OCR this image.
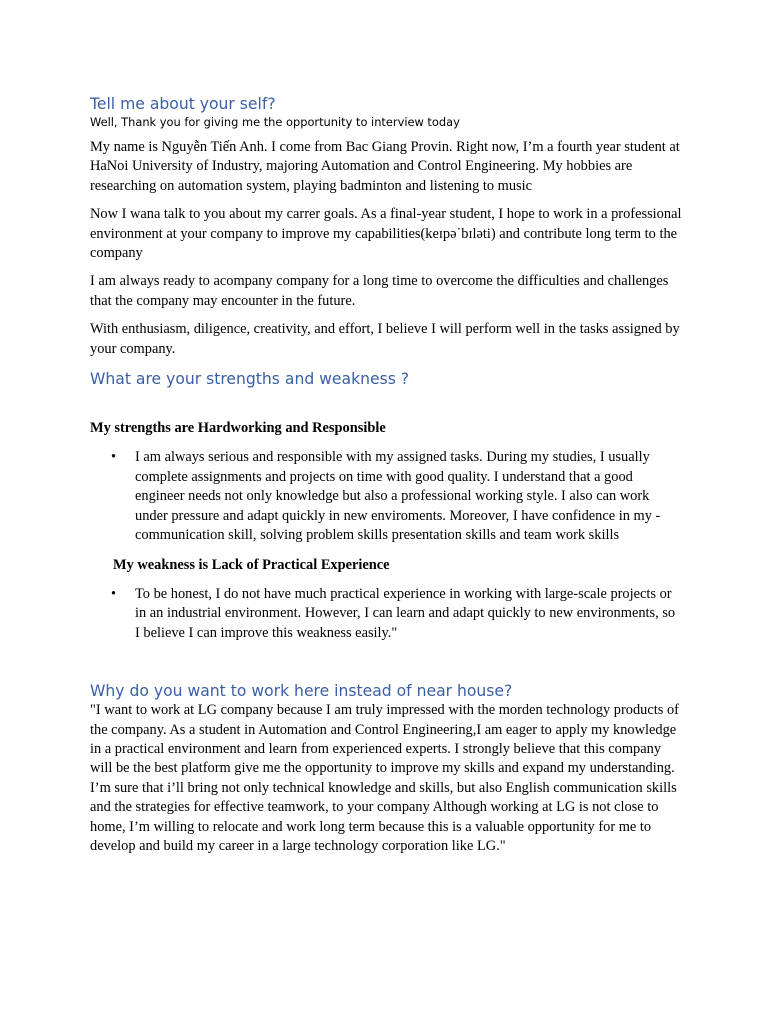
Tell me about your self?

Well, Thank you for giving me the opportunity to interview today

My name is Nguyễn Tiến Anh. I come from Bac Giang Provin. Right now, I’m a fourth year student at HaNoi University of Industry, majoring Automation and Control Engineering. My hobbies are researching on automation system, playing badminton and listening to music

Now I wana talk to you about my carrer goals. As a final-year student, I hope to work in a professional environment at your company to improve my capabilities(keɪpə˙bɪləti) and contribute long term to the company

I am always ready to acompany company for a long time to overcome the difficulties and challenges that the company may encounter in the future.

With enthusiasm, diligence, creativity, and effort, I believe I will perform well in the tasks assigned by your company.

What are your strengths and weakness ?

My strengths are Hardworking and Responsible

• I am always serious and responsible with my assigned tasks. During my studies, I usually complete assignments and projects on time with good quality. I understand that a good engineer needs not only knowledge but also a professional working style. I also can work under pressure and adapt quickly in new enviroments. Moreover, I have confidence in my -communication skill, solving problem skills presentation skills and team work skills

My weakness is Lack of Practical Experience

• To be honest, I do not have much practical experience in working with large-scale projects or in an industrial environment. However, I can learn and adapt quickly to new environments, so I believe I can improve this weakness easily."
Why do you want to work here instead of near house?

"I want to work at LG company because I am truly impressed with the morden technology products of the company. As a student in Automation and Control Engineering,I am eager to apply my knowledge in a practical environment and learn from experienced experts. I strongly believe that this company will be the best platform give me the opportunity to improve my skills and expand my understanding. I’m sure that i’ll bring not only technical knowledge and skills, but also English communication skills and the strategies for effective teamwork, to your company Although working at LG is not close to home, I’m willing to relocate and work long term because this is a valuable opportunity for me to develop and build my career in a large technology corporation like LG."
